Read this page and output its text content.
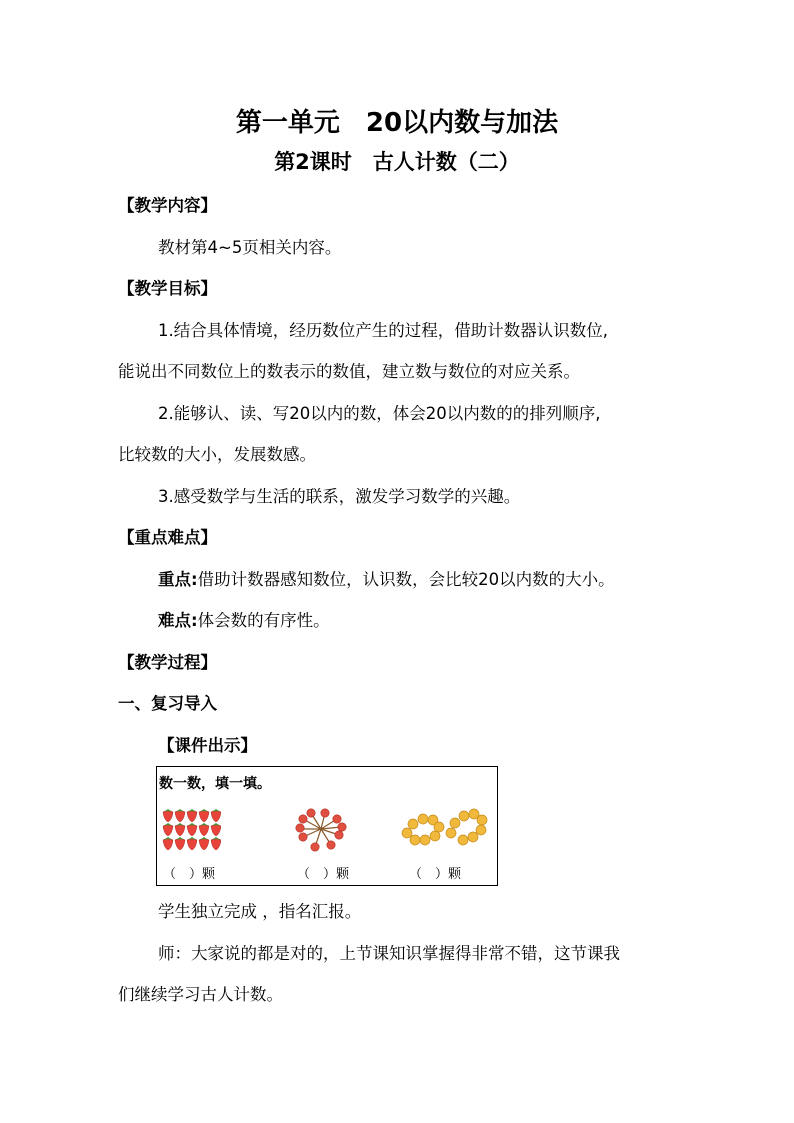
第一单元　20以内数与加法
第2课时　古人计数（二）
【教学内容】
教材第4~5页相关内容。
【教学目标】
1.结合具体情境，经历数位产生的过程，借助计数器认识数位,
能说出不同数位上的数表示的数值，建立数与数位的对应关系。
2.能够认、读、写20以内的数，体会20以内数的的排列顺序,
比较数的大小，发展数感。
3.感受数学与生活的联系，激发学习数学的兴趣。
【重点难点】
重点:借助计数器感知数位，认识数，会比较20以内数的大小。
难点:体会数的有序性。
【教学过程】
一、复习导入
【课件出示】
数一数，填一填。
（　）颗	（　）颗	（　）颗
学生独立完成 ，指名汇报。
师：大家说的都是对的，上节课知识掌握得非常不错，这节课我
们继续学习古人计数。
